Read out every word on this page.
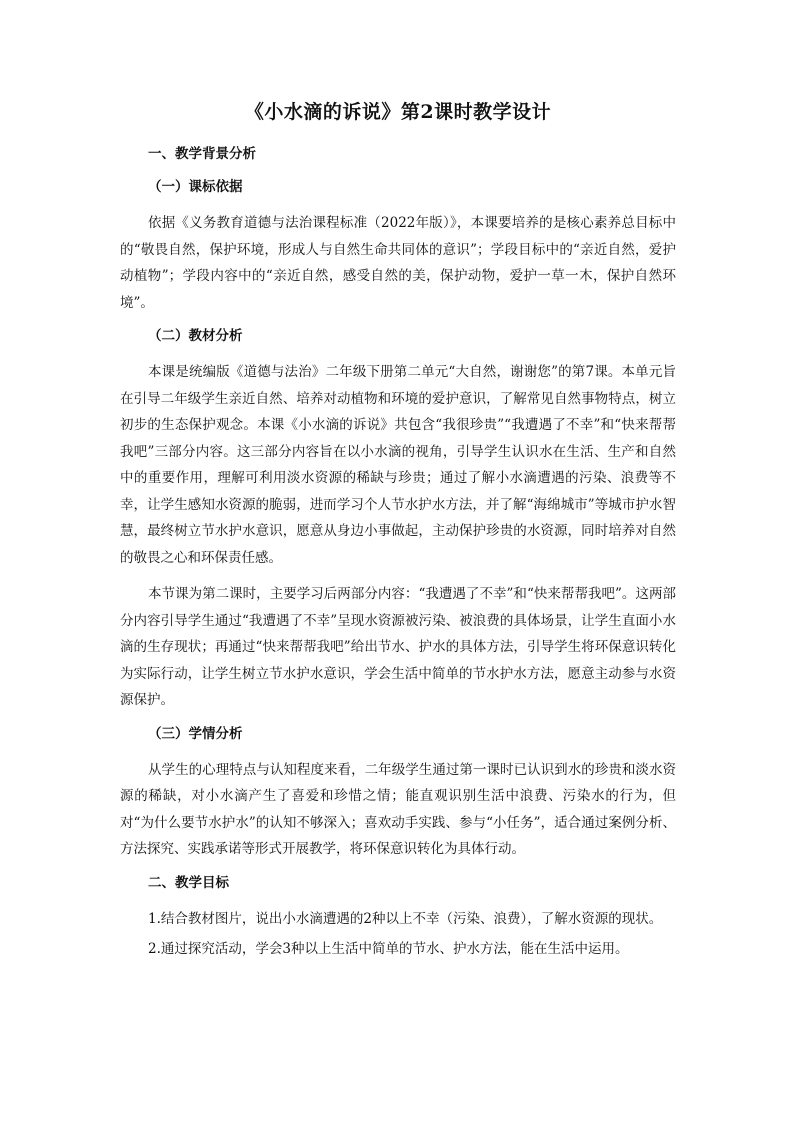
《小水滴的诉说》第2课时教学设计
一、教学背景分析
（一）课标依据

依据《义务教育道德与法治课程标准（2022年版）》，本课要培养的是核心素养总目标中的“敬畏自然，保护环境，形成人与自然生命共同体的意识”；学段目标中的“亲近自然，爱护动植物”；学段内容中的“亲近自然，感受自然的美，保护动物，爱护一草一木，保护自然环境”。

（二）教材分析

本课是统编版《道德与法治》二年级下册第二单元“大自然，谢谢您”的第7课。本单元旨在引导二年级学生亲近自然、培养对动植物和环境的爱护意识，了解常见自然事物特点，树立初步的生态保护观念。本课《小水滴的诉说》共包含“我很珍贵”“我遭遇了不幸”和“快来帮帮我吧”三部分内容。这三部分内容旨在以小水滴的视角，引导学生认识水在生活、生产和自然中的重要作用，理解可利用淡水资源的稀缺与珍贵；通过了解小水滴遭遇的污染、浪费等不幸，让学生感知水资源的脆弱，进而学习个人节水护水方法，并了解“海绵城市”等城市护水智慧，最终树立节水护水意识，愿意从身边小事做起，主动保护珍贵的水资源，同时培养对自然的敬畏之心和环保责任感。

本节课为第二课时，主要学习后两部分内容：“我遭遇了不幸”和“快来帮帮我吧”。这两部分内容引导学生通过“我遭遇了不幸”呈现水资源被污染、被浪费的具体场景，让学生直面小水滴的生存现状；再通过“快来帮帮我吧”给出节水、护水的具体方法，引导学生将环保意识转化为实际行动，让学生树立节水护水意识，学会生活中简单的节水护水方法，愿意主动参与水资源保护。

（三）学情分析

从学生的心理特点与认知程度来看，二年级学生通过第一课时已认识到水的珍贵和淡水资源的稀缺，对小水滴产生了喜爱和珍惜之情；能直观识别生活中浪费、污染水的行为，但对“为什么要节水护水”的认知不够深入；喜欢动手实践、参与“小任务”，适合通过案例分析、方法探究、实践承诺等形式开展教学，将环保意识转化为具体行动。

二、教学目标

1.结合教材图片，说出小水滴遭遇的2种以上不幸（污染、浪费），了解水资源的现状。

2.通过探究活动，学会3种以上生活中简单的节水、护水方法，能在生活中运用。
